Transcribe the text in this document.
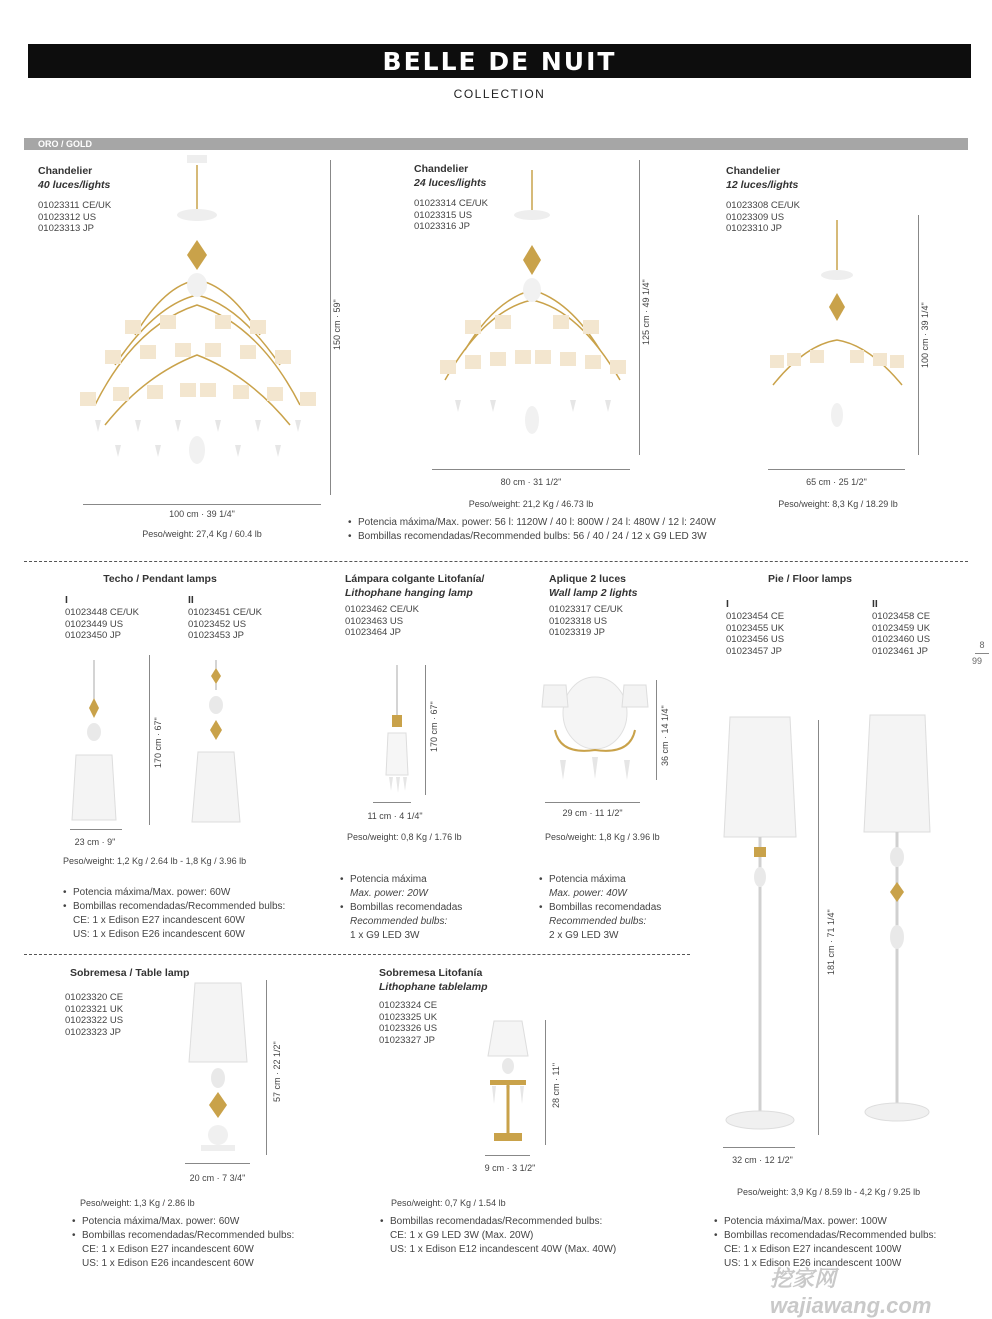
BELLE DE NUIT
COLLECTION
ORO / GOLD
Chandelier
40 luces/lights
01023311 CE/UK
01023312 US
01023313 JP
150 cm · 59"
100 cm · 39 1/4"
Peso/weight: 27,4 Kg / 60.4 lb
Chandelier
24 luces/lights
01023314 CE/UK
01023315 US
01023316 JP
125 cm · 49 1/4"
80 cm · 31 1/2"
Peso/weight: 21,2 Kg / 46.73 lb
Chandelier
12 luces/lights
01023308 CE/UK
01023309 US
01023310 JP
100 cm · 39 1/4"
65 cm · 25 1/2"
Peso/weight: 8,3 Kg / 18.29 lb
• Potencia máxima/Max. power: 56 l: 1120W / 40 l: 800W / 24 l: 480W / 12 l: 240W
• Bombillas recomendadas/Recommended bulbs: 56 / 40 / 24 / 12 x G9 LED 3W
Techo / Pendant lamps
I
01023448 CE/UK
01023449 US
01023450 JP
II
01023451 CE/UK
01023452 US
01023453 JP
170 cm · 67"
23 cm · 9"
Peso/weight: 1,2 Kg / 2.64 lb - 1,8 Kg / 3.96 lb
• Potencia máxima/Max. power: 60W
• Bombillas recomendadas/Recommended bulbs:
CE: 1 x Edison E27 incandescent 60W
US: 1 x Edison E26 incandescent 60W
Lámpara colgante Litofanía/
Lithophane hanging lamp
01023462 CE/UK
01023463 US
01023464 JP
170 cm · 67"
11 cm · 4 1/4"
Peso/weight: 0,8 Kg / 1.76 lb
• Potencia máxima
Max. power: 20W
• Bombillas recomendadas
Recommended bulbs:
1 x G9 LED 3W
Aplique 2 luces
Wall lamp 2 lights
01023317 CE/UK
01023318 US
01023319 JP
36 cm · 14 1/4"
29 cm · 11 1/2"
Peso/weight: 1,8 Kg / 3.96 lb
• Potencia máxima
Max. power: 40W
• Bombillas recomendadas
Recommended bulbs:
2 x G9 LED 3W
Pie / Floor lamps
I
01023454 CE
01023455 UK
01023456 US
01023457 JP
II
01023458 CE
01023459 UK
01023460 US
01023461 JP
181 cm · 71 1/4"
32 cm · 12 1/2"
Peso/weight: 3,9 Kg / 8.59 lb - 4,2 Kg / 9.25 lb
• Potencia máxima/Max. power: 100W
• Bombillas recomendadas/Recommended bulbs:
CE: 1 x Edison E27 incandescent 100W
US: 1 x Edison E26 incandescent 100W
Sobremesa / Table lamp
01023320 CE
01023321 UK
01023322 US
01023323 JP
57 cm · 22 1/2"
20 cm · 7 3/4"
Peso/weight: 1,3 Kg / 2.86 lb
• Potencia máxima/Max. power: 60W
• Bombillas recomendadas/Recommended bulbs:
CE: 1 x Edison E27 incandescent 60W
US: 1 x Edison E26 incandescent 60W
Sobremesa Litofanía
Lithophane tablelamp
01023324 CE
01023325 UK
01023326 US
01023327 JP
28 cm · 11"
9 cm · 3 1/2"
Peso/weight: 0,7 Kg / 1.54 lb
• Bombillas recomendadas/Recommended bulbs:
CE: 1 x G9 LED 3W (Max. 20W)
US: 1 x Edison E12 incandescent 40W (Max. 40W)
8
99
挖家网 wajiawang.com
